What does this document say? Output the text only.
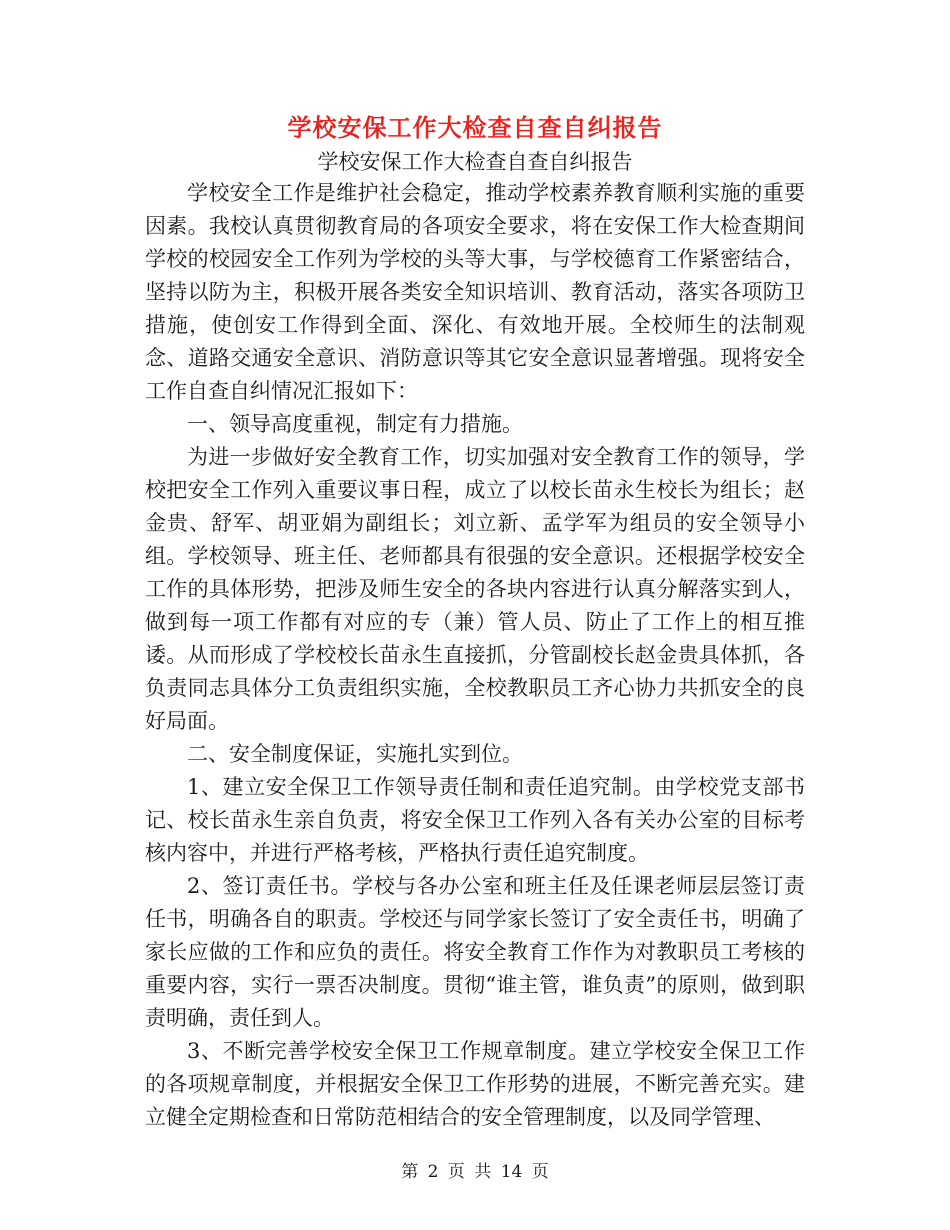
学校安保工作大检查自查自纠报告
学校安保工作大检查自查自纠报告

学校安全工作是维护社会稳定，推动学校素养教育顺利实施的重要因素。我校认真贯彻教育局的各项安全要求，将在安保工作大检查期间学校的校园安全工作列为学校的头等大事，与学校德育工作紧密结合，坚持以防为主，积极开展各类安全知识培训、教育活动，落实各项防卫措施，使创安工作得到全面、深化、有效地开展。全校师生的法制观念、道路交通安全意识、消防意识等其它安全意识显著增强。现将安全工作自查自纠情况汇报如下：

一、领导高度重视，制定有力措施。

为进一步做好安全教育工作，切实加强对安全教育工作的领导，学校把安全工作列入重要议事日程，成立了以校长苗永生校长为组长；赵金贵、舒军、胡亚娟为副组长；刘立新、孟学军为组员的安全领导小组。学校领导、班主任、老师都具有很强的安全意识。还根据学校安全工作的具体形势，把涉及师生安全的各块内容进行认真分解落实到人，做到每一项工作都有对应的专（兼）管人员、防止了工作上的相互推诿。从而形成了学校校长苗永生直接抓，分管副校长赵金贵具体抓，各负责同志具体分工负责组织实施，全校教职员工齐心协力共抓安全的良好局面。

二、安全制度保证，实施扎实到位。

1、建立安全保卫工作领导责任制和责任追究制。由学校党支部书记、校长苗永生亲自负责，将安全保卫工作列入各有关办公室的目标考核内容中，并进行严格考核，严格执行责任追究制度。

2、签订责任书。学校与各办公室和班主任及任课老师层层签订责任书，明确各自的职责。学校还与同学家长签订了安全责任书，明确了家长应做的工作和应负的责任。将安全教育工作作为对教职员工考核的重要内容，实行一票否决制度。贯彻“谁主管，谁负责”的原则，做到职责明确，责任到人。

3、不断完善学校安全保卫工作规章制度。建立学校安全保卫工作的各项规章制度，并根据安全保卫工作形势的进展，不断完善充实。建立健全定期检查和日常防范相结合的安全管理制度，以及同学管理、

第 2 页 共 14 页
